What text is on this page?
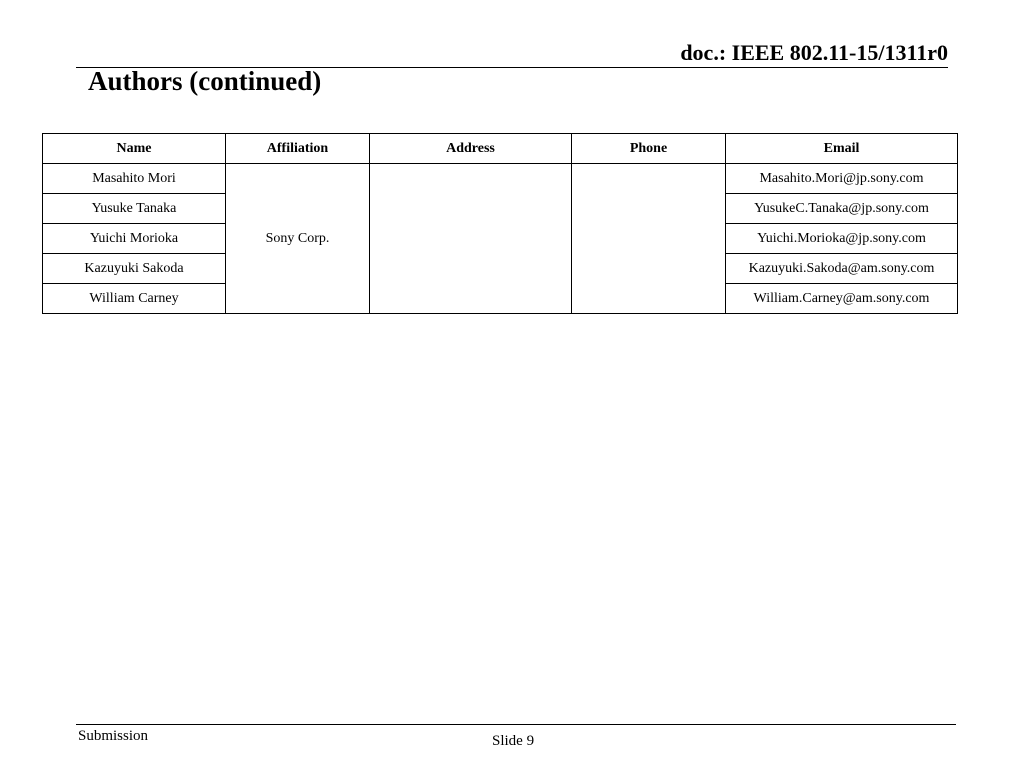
doc.: IEEE 802.11-15/1311r0
Authors (continued)
Name	Affiliation	Address	Phone	Email
Masahito Mori	Sony Corp.			Masahito.Mori@jp.sony.com
Yusuke Tanaka				YusukeC.Tanaka@jp.sony.com
Yuichi Morioka				Yuichi.Morioka@jp.sony.com
Kazuyuki Sakoda				Kazuyuki.Sakoda@am.sony.com
William Carney				William.Carney@am.sony.com
Submission	Slide 9
